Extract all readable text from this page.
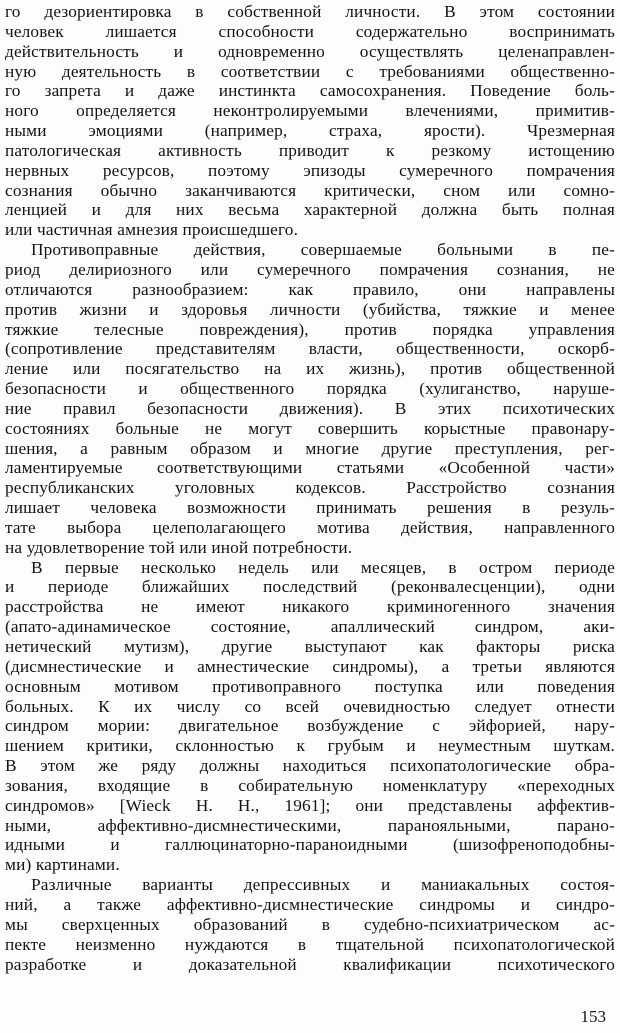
го дезориентировка в собственной личности. В этом состоянии
человек лишается способности содержательно воспринимать
действительность и одновременно осуществлять целенаправлен-
ную деятельность в соответствии с требованиями общественно-
го запрета и даже инстинкта самосохранения. Поведение боль-
ного определяется неконтролируемыми влечениями, примитив-
ными эмоциями (например, страха, ярости). Чрезмерная
патологическая активность приводит к резкому истощению
нервных ресурсов, поэтому эпизоды сумеречного помрачения
сознания обычно заканчиваются критически, сном или сомно-
ленцией и для них весьма характерной должна быть полная
или частичная амнезия происшедшего.
Противоправные действия, совершаемые больными в пе-
риод делириозного или сумеречного помрачения сознания, не
отличаются разнообразием: как правило, они направлены
против жизни и здоровья личности (убийства, тяжкие и менее
тяжкие телесные повреждения), против порядка управления
(сопротивление представителям власти, общественности, оскорб-
ление или посягательство на их жизнь), против общественной
безопасности и общественного порядка (хулиганство, наруше-
ние правил безопасности движения). В этих психотических
состояниях больные не могут совершить корыстные правонару-
шения, а равным образом и многие другие преступления, рег-
ламентируемые соответствующими статьями «Особенной части»
республиканских уголовных кодексов. Расстройство сознания
лишает человека возможности принимать решения в резуль-
тате выбора целеполагающего мотива действия, направленного
на удовлетворение той или иной потребности.
В первые несколько недель или месяцев, в остром периоде
и периоде ближайших последствий (реконвалесценции), одни
расстройства не имеют никакого криминогенного значения
(апато-адинамическое состояние, апаллический синдром, аки-
нетический мутизм), другие выступают как факторы риска
(дисмнестические и амнестические синдромы), а третьи являются
основным мотивом противоправного поступка или поведения
больных. К их числу со всей очевидностью следует отнести
синдром мории: двигательное возбуждение с эйфорией, нару-
шением критики, склонностью к грубым и неуместным шуткам.
В этом же ряду должны находиться психопатологические обра-
зования, входящие в собирательную номенклатуру «переходных
синдромов» [Wieck H. H., 1961]; они представлены аффектив-
ными, аффективно-дисмнестическими, паранояльными, парано-
идными и галлюцинаторно-параноидными (шизофреноподобны-
ми) картинами.
Различные варианты депрессивных и маниакальных состоя-
ний, а также аффективно-дисмнестические синдромы и синдро-
мы сверхценных образований в судебно-психиатрическом ас-
пекте неизменно нуждаются в тщательной психопатологической
разработке и доказательной квалификации психотического
153
